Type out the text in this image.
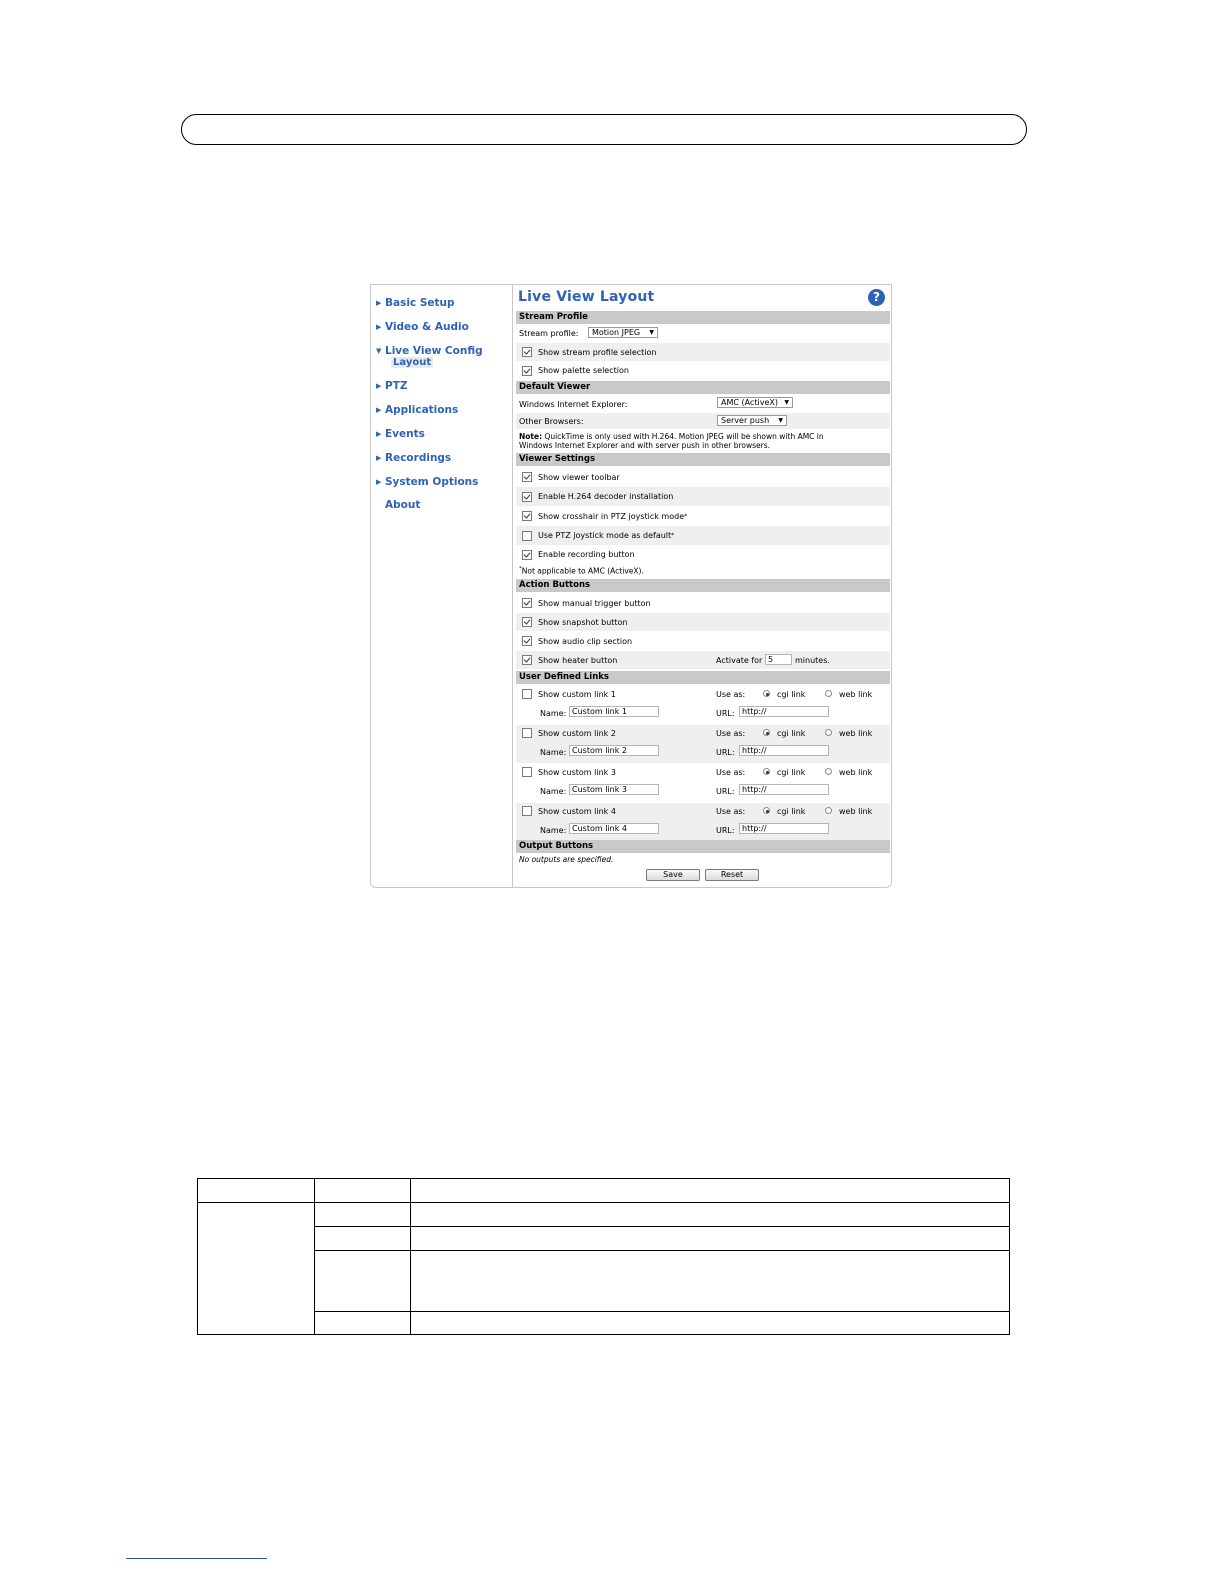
▶ Basic Setup
▶ Video & Audio
▼ Live View Config
Layout
▶ PTZ
▶ Applications
▶ Events
▶ Recordings
▶ System Options
About
Live View Layout	?
Stream Profile
Stream profile: Motion JPEG ▼
Show stream profile selection
Show palette selection
Default Viewer
Windows Internet Explorer:	AMC (ActiveX) ▼
Other Browsers:	Server push ▼
Note: QuickTime is only used with H.264. Motion JPEG will be shown with AMC in
Windows Internet Explorer and with server push in other browsers.
Viewer Settings
Show viewer toolbar
Enable H.264 decoder installation
Show crosshair in PTZ joystick mode *
Use PTZ joystick mode as default *
Enable recording button
*Not applicable to AMC (ActiveX).
Action Buttons
Show manual trigger button
Show snapshot button
Show audio clip section
Show heater button	Activate for 5	minutes.
User Defined Links
Show custom link 1	Use as:	cgi link	web link
Name: Custom link 1	URL: http://
Show custom link 2	Use as:	cgi link	web link
Name: Custom link 2	URL: http://
Show custom link 3	Use as:	cgi link	web link
Name: Custom link 3	URL: http://
Show custom link 4	Use as:	cgi link	web link
Name: Custom link 4	URL: http://
Output Buttons
No outputs are specified.
Save	Reset
